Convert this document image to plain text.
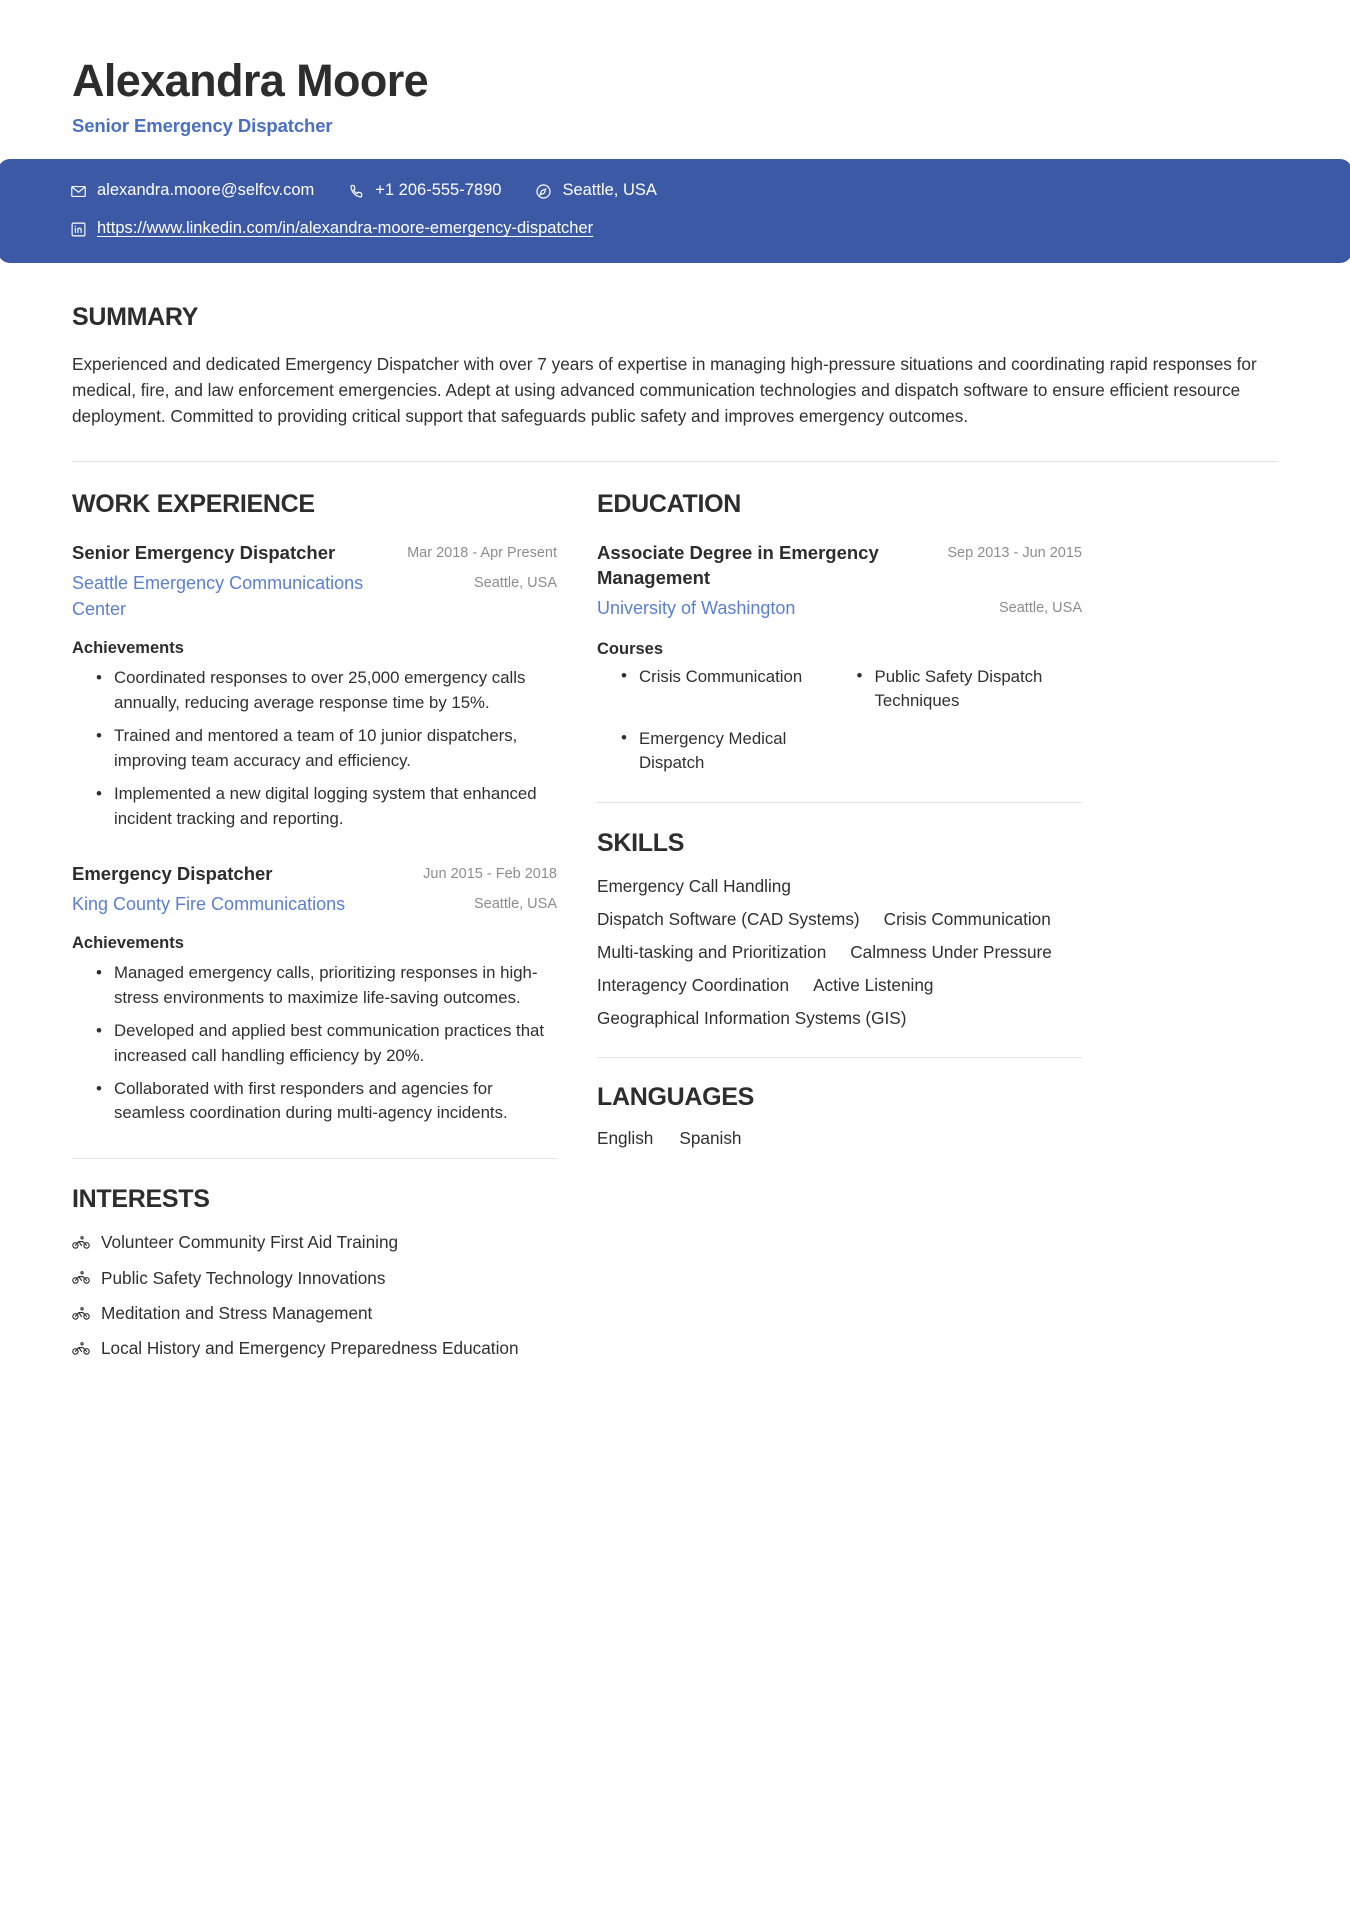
Alexandra Moore
Senior Emergency Dispatcher
alexandra.moore@selfcv.com	+1 206-555-7890	Seattle, USA
https://www.linkedin.com/in/alexandra-moore-emergency-dispatcher
SUMMARY
Experienced and dedicated Emergency Dispatcher with over 7 years of expertise in managing high-pressure situations and coordinating rapid responses for medical, fire, and law enforcement emergencies. Adept at using advanced communication technologies and dispatch software to ensure efficient resource deployment. Committed to providing critical support that safeguards public safety and improves emergency outcomes.
WORK EXPERIENCE
Senior Emergency Dispatcher	Mar 2018 - Apr Present
Seattle Emergency Communications Center
Seattle, USA
Achievements
• Coordinated responses to over 25,000 emergency calls annually, reducing average response time by 15%.
• Trained and mentored a team of 10 junior dispatchers, improving team accuracy and efficiency.
• Implemented a new digital logging system that enhanced incident tracking and reporting.
Emergency Dispatcher	Jun 2015 - Feb 2018
King County Fire Communications	Seattle, USA
Achievements
• Managed emergency calls, prioritizing responses in high-stress environments to maximize life-saving outcomes.
• Developed and applied best communication practices that increased call handling efficiency by 20%.
• Collaborated with first responders and agencies for seamless coordination during multi-agency incidents.
INTERESTS
Volunteer Community First Aid Training
Public Safety Technology Innovations
Meditation and Stress Management
Local History and Emergency Preparedness Education
EDUCATION
Associate Degree in Emergency Management
Sep 2013 - Jun 2015
University of Washington	Seattle, USA
Courses
• Crisis Communication	• Public Safety Dispatch Techniques
• Emergency Medical Dispatch
SKILLS
Emergency Call Handling
Dispatch Software (CAD Systems) Crisis Communication
Multi-tasking and Prioritization Calmness Under Pressure
Interagency Coordination Active Listening
Geographical Information Systems (GIS)
LANGUAGES
English Spanish
